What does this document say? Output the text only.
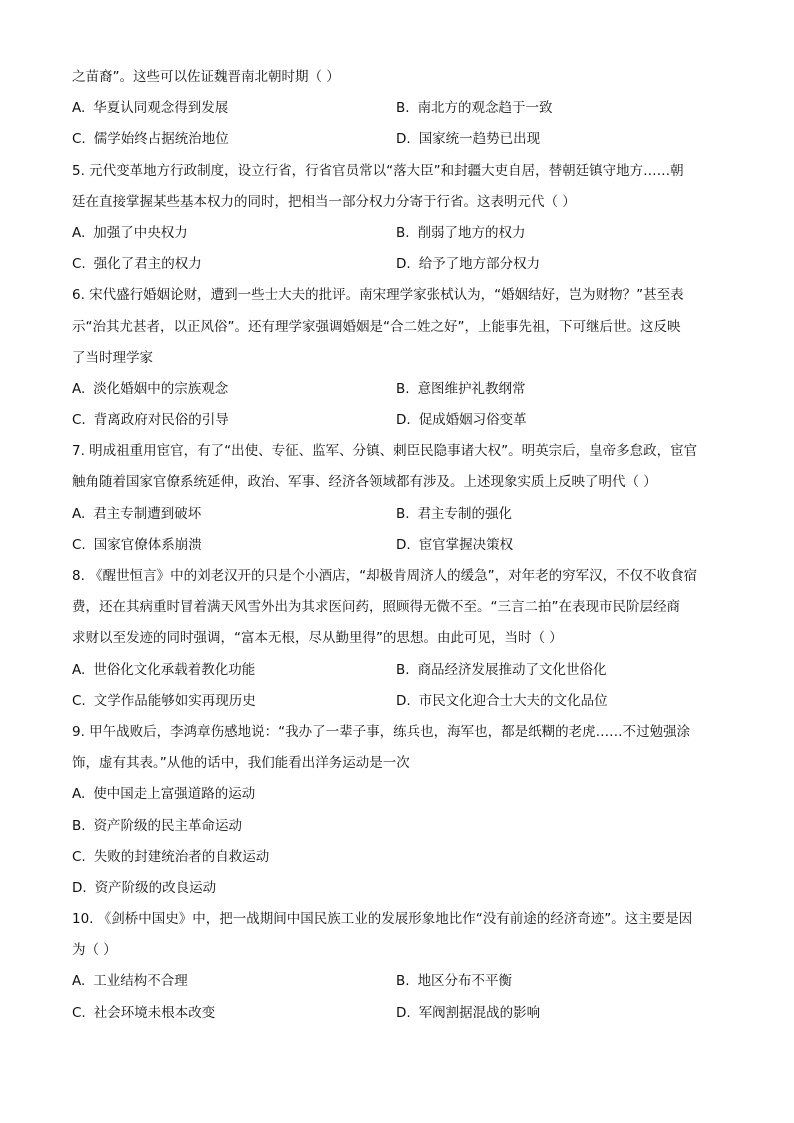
之苗裔”。这些可以佐证魏晋南北朝时期（ ）
A. 华夏认同观念得到发展	B. 南北方的观念趋于一致
C. 儒学始终占据统治地位	D. 国家统一趋势已出现
5. 元代变革地方行政制度，设立行省，行省官员常以“落大臣”和封疆大吏自居，替朝廷镇守地方……朝
廷在直接掌握某些基本权力的同时，把相当一部分权力分寄于行省。这表明元代（ ）
A. 加强了中央权力	B. 削弱了地方的权力
C. 强化了君主的权力	D. 给予了地方部分权力
6. 宋代盛行婚姻论财，遭到一些士大夫的批评。南宋理学家张栻认为，“婚姻结好，岂为财物？”甚至表
示“治其尤甚者，以正风俗”。还有理学家强调婚姻是“合二姓之好”，上能事先祖，下可继后世。这反映
了当时理学家
A. 淡化婚姻中的宗族观念	B. 意图维护礼教纲常
C. 背离政府对民俗的引导	D. 促成婚姻习俗变革
7. 明成祖重用宦官，有了“出使、专征、监军、分镇、刺臣民隐事诸大权”。明英宗后，皇帝多怠政，宦官
触角随着国家官僚系统延伸，政治、军事、经济各领域都有涉及。上述现象实质上反映了明代（ ）
A. 君主专制遭到破坏	B. 君主专制的强化
C. 国家官僚体系崩溃	D. 宦官掌握决策权
8. 《醒世恒言》中的刘老汉开的只是个小酒店，“却极肯周济人的缓急”，对年老的穷军汉，不仅不收食宿
费，还在其病重时冒着满天风雪外出为其求医问药，照顾得无微不至。“三言二拍”在表现市民阶层经商
求财以至发迹的同时强调，“富本无根，尽从勤里得”的思想。由此可见，当时（ ）
A. 世俗化文化承载着教化功能	B. 商品经济发展推动了文化世俗化
C. 文学作品能够如实再现历史	D. 市民文化迎合士大夫的文化品位
9. 甲午战败后，李鸿章伤感地说：“我办了一辈子事，练兵也，海军也，都是纸糊的老虎……不过勉强涂
饰，虚有其表。”从他的话中，我们能看出洋务运动是一次
A. 使中国走上富强道路的运动
B. 资产阶级的民主革命运动
C. 失败的封建统治者的自救运动
D. 资产阶级的改良运动
10. 《剑桥中国史》中，把一战期间中国民族工业的发展形象地比作“没有前途的经济奇迹”。这主要是因
为（ ）
A. 工业结构不合理	B. 地区分布不平衡
C. 社会环境未根本改变	D. 军阀割据混战的影响
